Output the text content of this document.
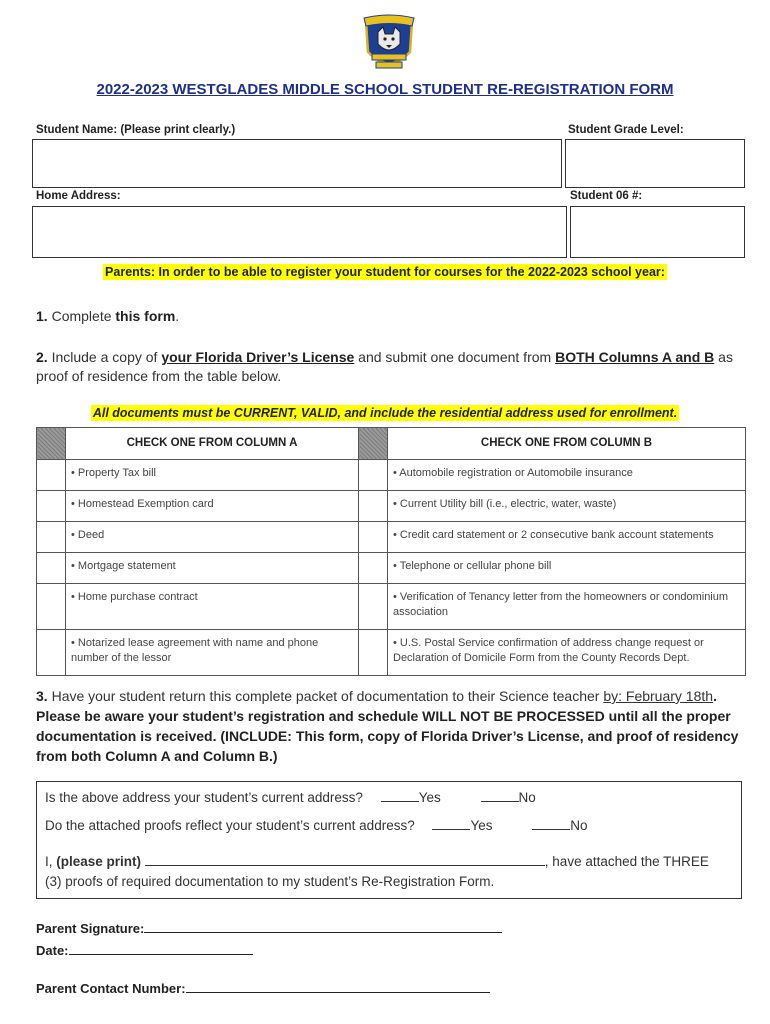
2022-2023 WESTGLADES MIDDLE SCHOOL STUDENT RE-REGISTRATION FORM
Student Name: (Please print clearly.)	Student Grade Level:
Home Address:	Student 06 #:
Parents: In order to be able to register your student for courses for the 2022-2023 school year:
1. Complete this form.
2. Include a copy of your Florida Driver’s License and submit one document from BOTH Columns A and B as proof of residence from the table below.
All documents must be CURRENT, VALID, and include the residential address used for enrollment.
	CHECK ONE FROM COLUMN A		CHECK ONE FROM COLUMN B
	• Property Tax bill		• Automobile registration or Automobile insurance
	• Homestead Exemption card		• Current Utility bill (i.e., electric, water, waste)
	• Deed		• Credit card statement or 2 consecutive bank account statements
	• Mortgage statement		• Telephone or cellular phone bill
	• Home purchase contract		• Verification of Tenancy letter from the homeowners or condominium association
	• Notarized lease agreement with name and phone number of the lessor		• U.S. Postal Service confirmation of address change request or Declaration of Domicile Form from the County Records Dept.
3. Have your student return this complete packet of documentation to their Science teacher by: February 18th. Please be aware your student’s registration and schedule WILL NOT BE PROCESSED until all the proper documentation is received. (INCLUDE: This form, copy of Florida Driver’s License, and proof of residency from both Column A and Column B.)
Is the above address your student’s current address?	Yes	No
Do the attached proofs reflect your student’s current address?	Yes	No
I, (please print)	, have attached the THREE
(3) proofs of required documentation to my student’s Re-Registration Form.
Parent Signature:
Date:
Parent Contact Number:
